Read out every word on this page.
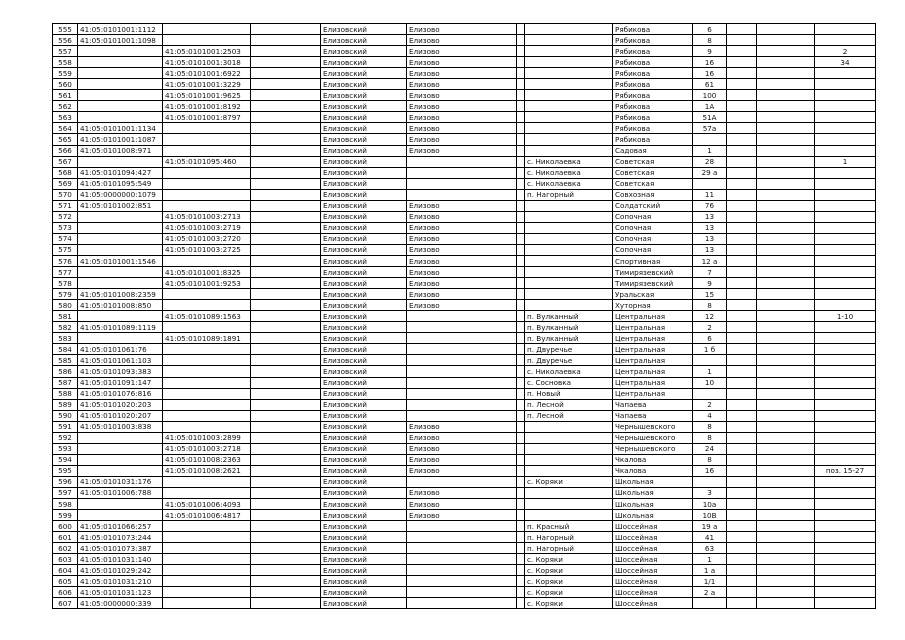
555	41:05:0101001:1112			Елизовский	Елизово			Рябикова	6			
556	41:05:0101001:1098			Елизовский	Елизово			Рябикова	8			
557		41:05:0101001:2503		Елизовский	Елизово			Рябикова	9			2
558		41:05:0101001:3018		Елизовский	Елизово			Рябикова	16			34
559		41:05:0101001:6922		Елизовский	Елизово			Рябикова	16			
560		41:05:0101001:3229		Елизовский	Елизово			Рябикова	61			
561		41:05:0101001:9625		Елизовский	Елизово			Рябикова	100			
562		41:05:0101001:8192		Елизовский	Елизово			Рябикова	1А			
563		41:05:0101001:8797		Елизовский	Елизово			Рябикова	51А			
564	41:05:0101001:1134			Елизовский	Елизово			Рябикова	57а			
565	41:05:0101001:1087			Елизовский	Елизово			Рябикова				
566	41:05:0101008:971			Елизовский	Елизово			Садовая	1			
567		41:05:0101095:460		Елизовский			с. Николаевка	Советская	28			1
568	41:05:0101094:427			Елизовский			с. Николаевка	Советская	29 а			
569	41:05:0101095:549			Елизовский			с. Николаевка	Советская				
570	41:05:0000000:1079			Елизовский			п. Нагорный	Совхозная	11			
571	41:05:0101002:851			Елизовский	Елизово			Солдатский	76			
572		41:05:0101003:2713		Елизовский	Елизово			Сопочная	13			
573		41:05:0101003:2719		Елизовский	Елизово			Сопочная	13			
574		41:05:0101003:2720		Елизовский	Елизово			Сопочная	13			
575		41:05:0101003:2725		Елизовский	Елизово			Сопочная	13			
576	41:05:0101001:1546			Елизовский	Елизово			Спортивная	12 а			
577		41:05:0101001:8325		Елизовский	Елизово			Тимирязевский	7			
578		41:05:0101001:9253		Елизовский	Елизово			Тимирязевский	9			
579	41:05:0101008:2359			Елизовский	Елизово			Уральская	15			
580	41:05:0101008:850			Елизовский	Елизово			Хуторная	8			
581		41:05:0101089:1563		Елизовский			п. Вулканный	Центральная	12			1-10
582	41:05:0101089:1119			Елизовский			п. Вулканный	Центральная	2			
583		41:05:0101089:1891		Елизовский			п. Вулканный	Центральная	6			
584	41:05:0101061:76			Елизовский			п. Двуречье	Центральная	1 б			
585	41:05:0101061:103			Елизовский			п. Двуречье	Центральная				
586	41:05:0101093:383			Елизовский			с. Николаевка	Центральная	1			
587	41:05:0101091:147			Елизовский			с. Сосновка	Центральная	10			
588	41:05:0101076:816			Елизовский			п. Новый	Центральная				
589	41:05:0101020:203			Елизовский			п. Лесной	Чапаева	2			
590	41:05:0101020:207			Елизовский			п. Лесной	Чапаева	4			
591	41:05:0101003:838			Елизовский	Елизово			Чернышевского	8			
592		41:05:0101003:2899		Елизовский	Елизово			Чернышевского	8			
593		41:05:0101003:2718		Елизовский	Елизово			Чернышевского	24			
594		41:05:0101008:2363		Елизовский	Елизово			Чкалова	8			
595		41:05:0101008:2621		Елизовский	Елизово			Чкалова	16			поз. 15-27
596	41:05:0101031:176			Елизовский			с. Коряки	Школьная				
597	41:05:0101006:788			Елизовский	Елизово			Школьная	3			
598		41:05:0101006:4093		Елизовский	Елизово			Школьная	10а			
599		41:05:0101006:4817		Елизовский	Елизово			Школьная	10В			
600	41:05:0101066:257			Елизовский			п. Красный	Шоссейная	19 а			
601	41:05:0101073:244			Елизовский			п. Нагорный	Шоссейная	41			
602	41:05:0101073:387			Елизовский			п. Нагорный	Шоссейная	63			
603	41:05:0101031:140			Елизовский			с. Коряки	Шоссейная	1			
604	41:05:0101029:242			Елизовский			с. Коряки	Шоссейная	1 а			
605	41:05:0101031:210			Елизовский			с. Коряки	Шоссейная	1/1			
606	41:05:0101031:123			Елизовский			с. Коряки	Шоссейная	2 а			
607	41:05:0000000:339			Елизовский			с. Коряки	Шоссейная				
